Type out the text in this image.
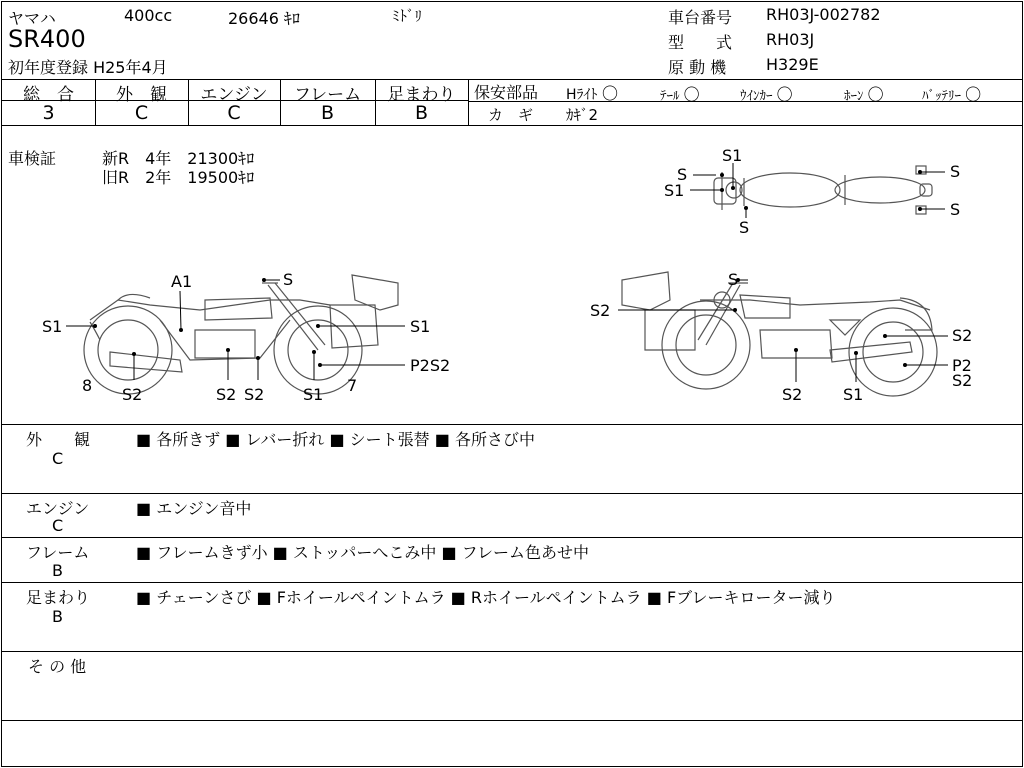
ヤマハ	400cc	26646 ｷﾛ	ﾐﾄﾞﾘ
SR400
初年度登録 H25年4月
車台番号 RH03J-002782
型　　式 RH03J
原 動 機 H329E
総　合	外　観	エンジン	フレーム	足まわり
3	C	C	B	B
保安部品 Hﾗｲﾄ 〇	ﾃｰﾙ 〇	ｳｲﾝｶｰ 〇	ﾎｰﾝ 〇	ﾊﾞｯﾃﾘｰ 〇
カ　ギ ｶｷﾞ2
車検証	新R　4年　21300ｷﾛ
旧R　2年　19500ｷﾛ
S1
S
S1
S
S
S
A1	S
S1	S1
P2S2
8 S2	S2 S2 S1 7
S
S2
S2
P2
S2
S2	S1
外　　観
C
■ 各所きず ■ レバー折れ ■ シート張替 ■ 各所さび中
エンジン
C
■ エンジン音中
フレーム
B
■ フレームきず小 ■ ストッパーへこみ中 ■ フレーム色あせ中
足まわり
B
■ チェーンさび ■ Fホイールペイントムラ ■ Rホイールペイントムラ ■ Fブレーキローター減り
そ の 他
